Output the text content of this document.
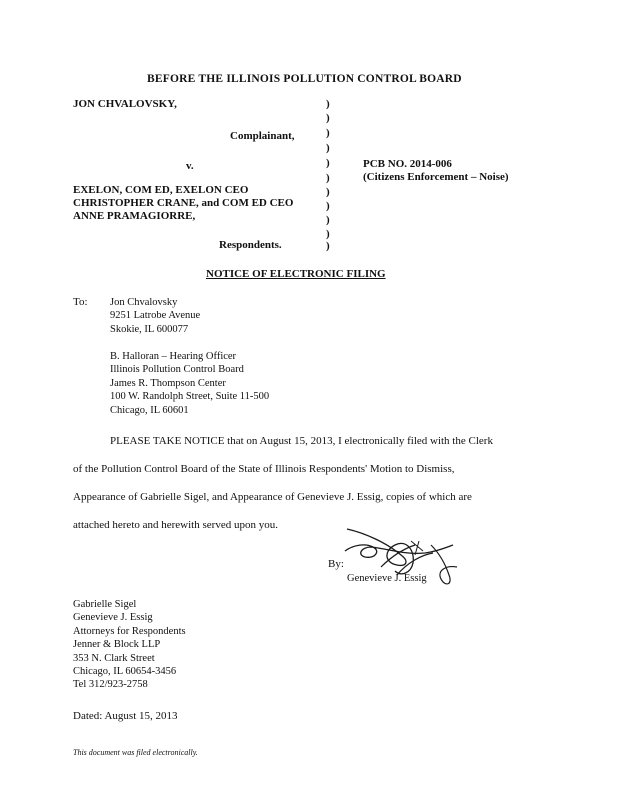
BEFORE THE ILLINOIS POLLUTION CONTROL BOARD
JON CHVALOVSKY,
Complainant,
v.
EXELON, COM ED, EXELON CEO
CHRISTOPHER CRANE, and COM ED CEO
ANNE PRAMAGIORRE,
Respondents.
)
)
)
)
)
)
)
)
)
)
)
PCB NO. 2014-006
(Citizens Enforcement – Noise)
NOTICE OF ELECTRONIC FILING
To: Jon Chvalovsky
9251 Latrobe Avenue
Skokie, IL 600077
B. Halloran – Hearing Officer
Illinois Pollution Control Board
James R. Thompson Center
100 W. Randolph Street, Suite 11-500
Chicago, IL 60601
PLEASE TAKE NOTICE that on August 15, 2013, I electronically filed with the Clerk
of the Pollution Control Board of the State of Illinois Respondents' Motion to Dismiss,
Appearance of Gabrielle Sigel, and Appearance of Genevieve J. Essig, copies of which are
attached hereto and herewith served upon you.
By:
Genevieve J. Essig
Gabrielle Sigel
Genevieve J. Essig
Attorneys for Respondents
Jenner & Block LLP
353 N. Clark Street
Chicago, IL 60654-3456
Tel 312/923-2758
Dated: August 15, 2013
This document was filed electronically.
